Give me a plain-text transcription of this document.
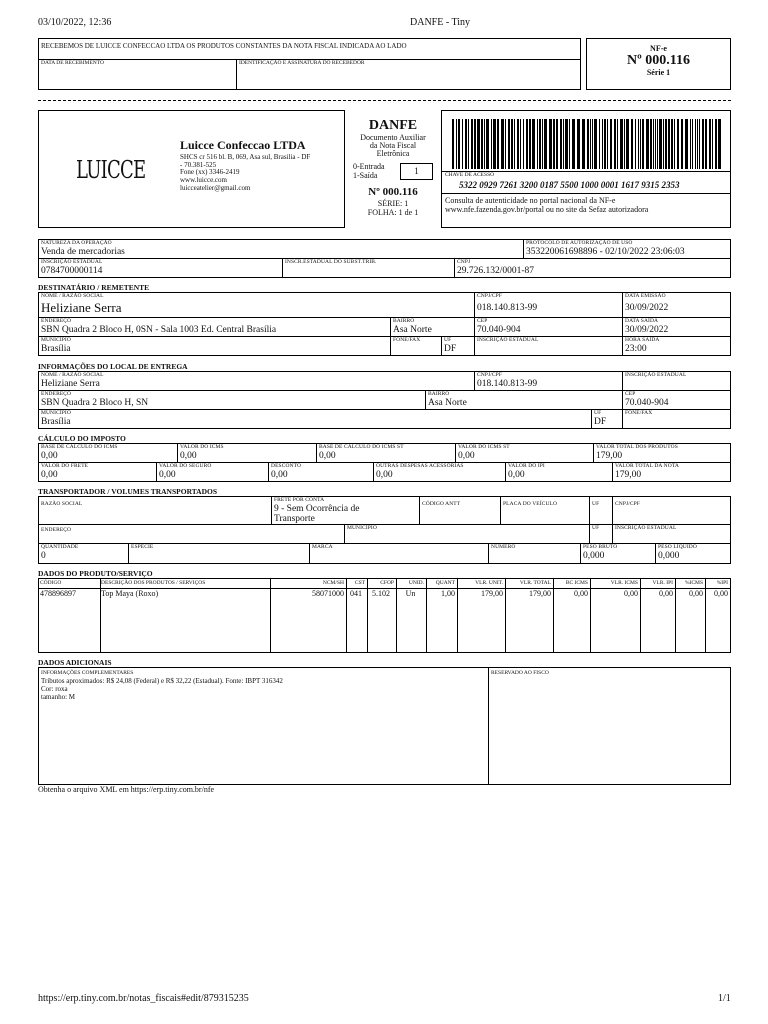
03/10/2022, 12:36	DANFE - Tiny
RECEBEMOS DE LUICCE CONFECCAO LTDA OS PRODUTOS CONSTANTES DA NOTA FISCAL INDICADA AO LADO
DATA DE RECEBIMENTO	IDENTIFICAÇÃO E ASSINATURA DO RECEBEDOR
NF-e
Nº 000.116
Série 1
LUICCE
Luicce Confeccao LTDA
SHCS cr 516 bl. B, 069, Asa sul, Brasilia - DF
- 70.381-525
Fone (xx) 3346-2419
www.luicce.com
luicceatelier@gmail.com
DANFE
Documento Auxiliar
da Nota Fiscal
Eletrônica
0-Entrada
1-Saída	1
Nº 000.116
SÉRIE: 1
FOLHA: 1 de 1
CHAVE DE ACESSO
5322 0929 7261 3200 0187 5500 1000 0001 1617 9315 2353
Consulta de autenticidade no portal nacional da NF-e
www.nfe.fazenda.gov.br/portal ou no site da Sefaz autorizadora
NATUREZA DA OPERAÇÃO
Venda de mercadorias
PROTOCOLO DE AUTORIZAÇÃO DE USO
353220061698896 - 02/10/2022 23:06:03
INSCRIÇÃO ESTADUAL
0784700000114
INSCR.ESTADUAL DO SUBST.TRIB.	CNPJ
29.726.132/0001-87
DESTINATÁRIO / REMETENTE
NOME / RAZÃO SOCIAL
Heliziane Serra
CNPJ/CPF
018.140.813-99
DATA EMISSÃO
30/09/2022
ENDEREÇO
SBN Quadra 2 Bloco H, 0SN - Sala 1003 Ed. Central Brasília
BAIRRO
Asa Norte
CEP
70.040-904
DATA SAÍDA
30/09/2022
MUNICÍPIO
Brasília
FONE/FAX	UF
DF
INSCRIÇÃO ESTADUAL	HORA SAÍDA
23:00
INFORMAÇÕES DO LOCAL DE ENTREGA
NOME / RAZÃO SOCIAL
Heliziane Serra
CNPJ/CPF
018.140.813-99
INSCRIÇÃO ESTADUAL
ENDEREÇO
SBN Quadra 2 Bloco H, SN
BAIRRO
Asa Norte
CEP
70.040-904
MUNICÍPIO
Brasília
UF
DF
FONE/FAX
CÁLCULO DO IMPOSTO
BASE DE CÁLCULO DO ICMS
0,00
VALOR DO ICMS
0,00
BASE DE CÁLCULO DO ICMS ST
0,00
VALOR DO ICMS ST
0,00
VALOR TOTAL DOS PRODUTOS
179,00
VALOR DO FRETE
0,00
VALOR DO SEGURO
0,00
DESCONTO
0,00
OUTRAS DESPESAS ACESSÓRIAS
0,00
VALOR DO IPI
0,00
VALOR TOTAL DA NOTA
179,00
TRANSPORTADOR / VOLUMES TRANSPORTADOS
RAZÃO SOCIAL
FRETE POR CONTA
9 - Sem Ocorrência de Transporte
CÓDIGO ANTT	PLACA DO VEÍCULO	UF	CNPJ/CPF
ENDEREÇO	MUNICÍPIO	UF	INSCRIÇÃO ESTADUAL
QUANTIDADE
0
ESPÉCIE	MARCA	NÚMERO	PESO BRUTO
0,000
PESO LÍQUIDO
0,000
DADOS DO PRODUTO/SERVIÇO
CÓDIGO
478896897
DESCRIÇÃO DOS PRODUTOS / SERVIÇOS
Top Maya (Roxo)
NCM/SH
58071000
CST
041
CFOP
5.102
UNID.
Un
QUANT
1,00
VLR. UNIT.
179,00
VLR. TOTAL
179,00
BC ICMS
0,00
VLR. ICMS
0,00
VLR. IPI
0,00
%ICMS
0,00
%IPI
0,00
DADOS ADICIONAIS
INFORMAÇÕES COMPLEMENTARES
Tributos aproximados: R$ 24,08 (Federal) e R$ 32,22 (Estadual). Fonte: IBPT 316342
Cor: roxa
tamanho: M
RESERVADO AO FISCO
Obtenha o arquivo XML em https://erp.tiny.com.br/nfe
https://erp.tiny.com.br/notas_fiscais#edit/879315235	1/1
